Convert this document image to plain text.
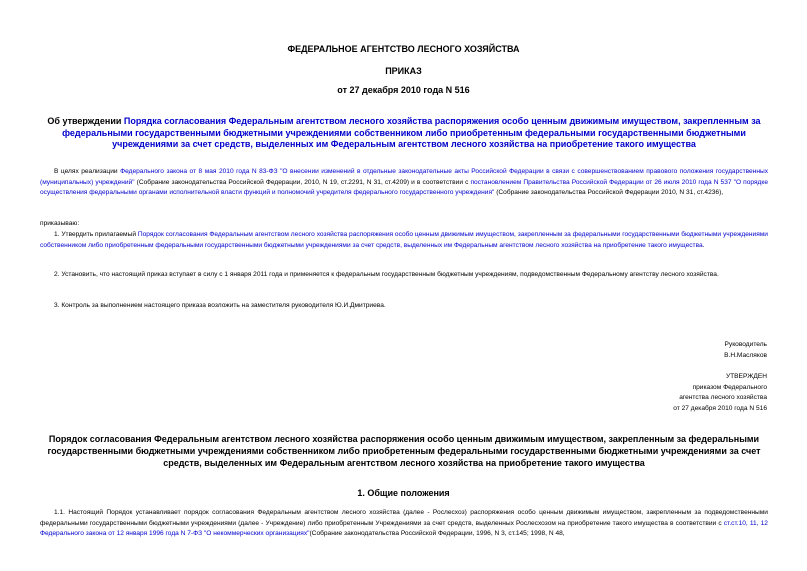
ФЕДЕРАЛЬНОЕ АГЕНТСТВО ЛЕСНОГО ХОЗЯЙСТВА
ПРИКАЗ
от 27 декабря 2010 года N 516
Об утверждении Порядка согласования Федеральным агентством лесного хозяйства распоряжения особо ценным движимым имуществом, закрепленным за федеральными государственными бюджетными учреждениями собственником либо приобретенным федеральными государственными бюджетными учреждениями за счет средств, выделенных им Федеральным агентством лесного хозяйства на приобретение такого имущества
В целях реализации Федерального закона от 8 мая 2010 года N 83-ФЗ "О внесении изменений в отдельные законодательные акты Российской Федерации в связи с совершенствованием правового положения государственных (муниципальных) учреждений" (Собрание законодательства Российской Федерации, 2010, N 19, ст.2291, N 31, ст.4209) и в соответствии с постановлением Правительства Российской Федерации от 26 июля 2010 года N 537 "О порядке осуществления федеральными органами исполнительной власти функций и полномочий учредителя федерального государственного учреждения" (Собрание законодательства Российской Федерации 2010, N 31, ст.4236),
приказываю:
1. Утвердить прилагаемый Порядок согласования Федеральным агентством лесного хозяйства распоряжения особо ценным движимым имуществом, закрепленным за федеральными государственными бюджетными учреждениями собственником либо приобретенным федеральными государственными бюджетными учреждениями за счет средств, выделенных им Федеральным агентством лесного хозяйства на приобретение такого имущества.
2. Установить, что настоящий приказ вступает в силу с 1 января 2011 года и применяется к федеральным государственным бюджетным учреждениям, подведомственным Федеральному агентству лесного хозяйства.
3. Контроль за выполнением настоящего приказа возложить на заместителя руководителя Ю.И.Дмитриева.
Руководитель
В.Н.Масляков
УТВЕРЖДЕН
приказом Федерального
агентства лесного хозяйства
от 27 декабря 2010 года N 516
Порядок согласования Федеральным агентством лесного хозяйства распоряжения особо ценным движимым имуществом, закрепленным за федеральными государственными бюджетными учреждениями собственником либо приобретенным федеральными государственными бюджетными учреждениями за счет средств, выделенных им Федеральным агентством лесного хозяйства на приобретение такого имущества
1. Общие положения
1.1. Настоящий Порядок устанавливает порядок согласования Федеральным агентством лесного хозяйства (далее - Рослесхоз) распоряжения особо ценным движимым имуществом, закрепленным за подведомственными федеральными государственными бюджетными учреждениями (далее - Учреждение) либо приобретенным Учреждениями за счет средств, выделенных Рослесхозом на приобретение такого имущества в соответствии с ст.ст.10, 11, 12 Федерального закона от 12 января 1996 года N 7-ФЗ "О некоммерческих организациях"(Собрание законодательства Российской Федерации, 1996, N 3, ст.145; 1998, N 48,
